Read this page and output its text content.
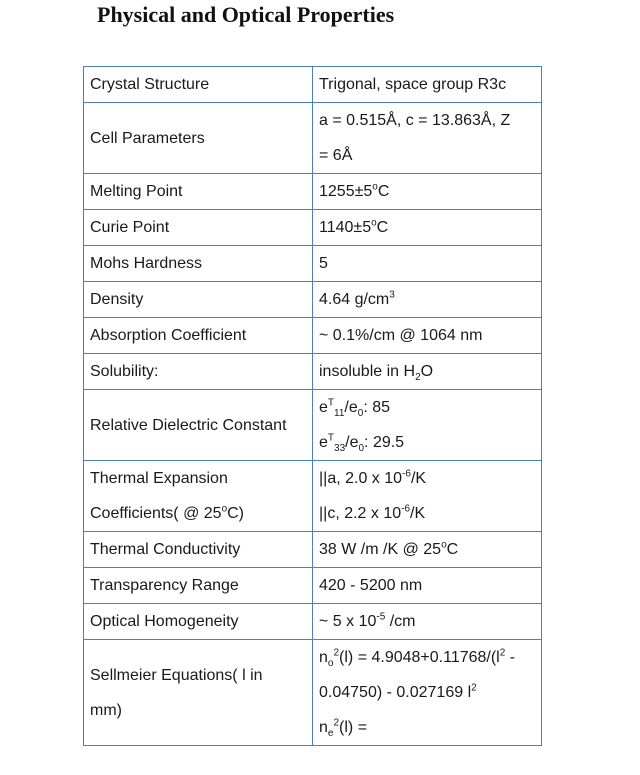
Physical and Optical Properties
Crystal Structure	Trigonal, space group R3c
Cell Parameters	a = 0.515Å, c = 13.863Å, Z
= 6Å

Melting Point	$1255\pm 5^oC$
Curie Point	$1140\pm 5^oC$
Mohs Hardness	5
Density	4.64 $g/cm^3$
Absorption Coefficient	~ 0.1%/cm @ 1064 nm
Solubility:	insoluble in $H_2O$
Relative Dielectric Constant	$e^T_{11}/e_0$: 85
$e^T_{33}/e_0$: 29.5

Thermal Expansion
Coefficients( @ 25$^o$C)	||a, 2.0 x $10^{-6}/K$
||c, 2.2 x $10^{-6}/K$

Thermal Conductivity	38 W /m /K @ 25$^o$C
Transparency Range	420 - 5200 nm
Optical Homogeneity	~ 5 x $10^{-5}$ /cm

Sellmeier Equations( l in
mm)	$n_o^2(l) = 4.9048+0.11768/(l^2$ -
0.04750) - 0.027169 $l^2$
$n_e^2(l)$ =
